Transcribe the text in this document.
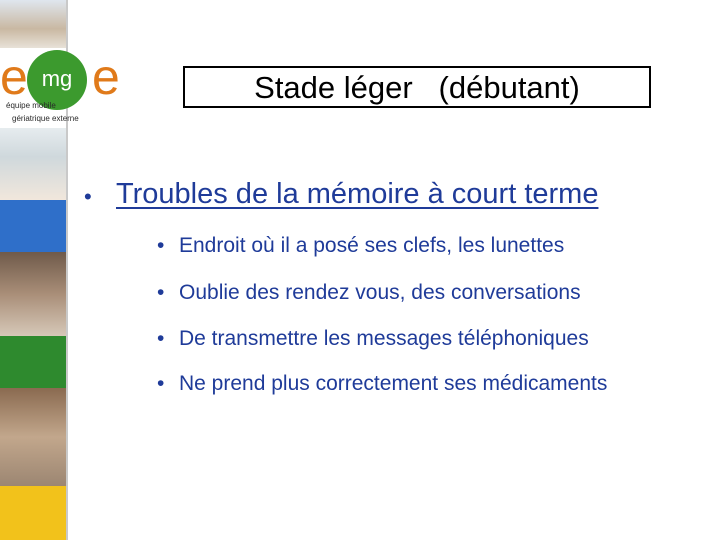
e mg e
équipe mobile
gériatrique externe
Stade léger   (débutant)
• Troubles de la mémoire à court terme
• Endroit où il a posé ses clefs, les lunettes
• Oublie des rendez vous, des conversations
• De transmettre les messages téléphoniques
• Ne prend plus correctement ses médicaments
